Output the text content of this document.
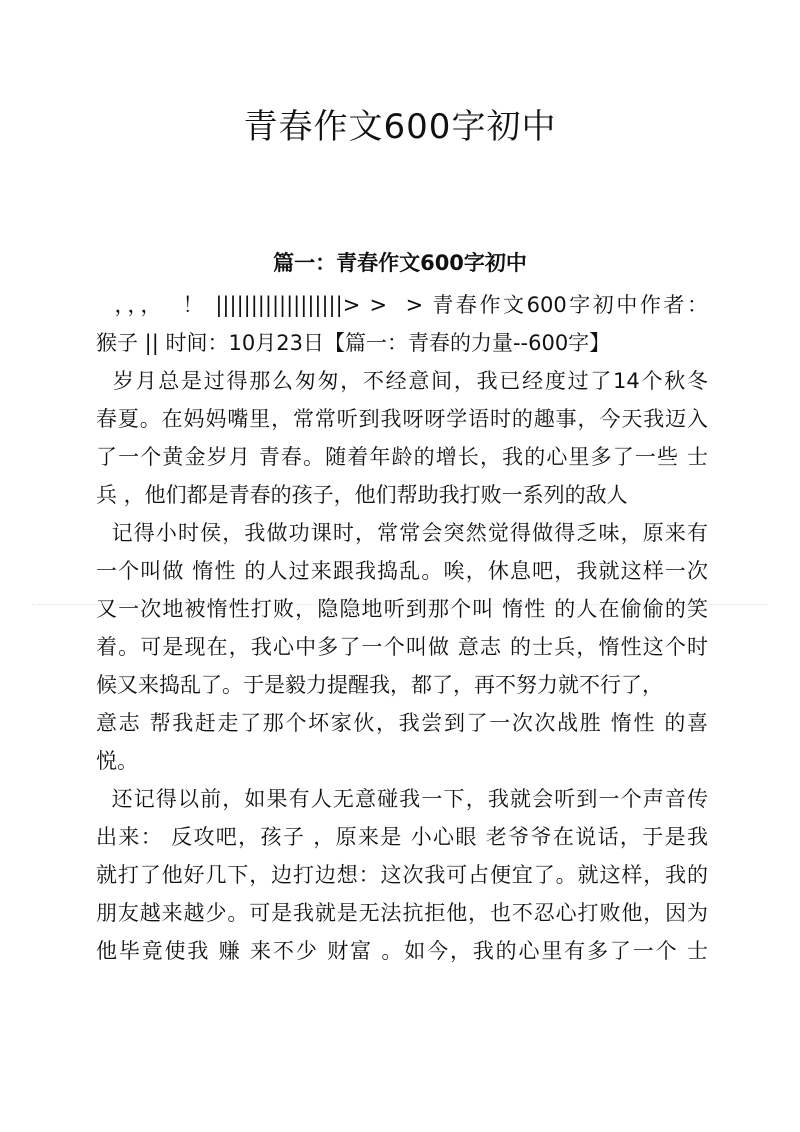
青春作文600字初中
篇一：青春作文600字初中
，，，  ！ ||||||||||||||||||> >  > 青春作文600字初中作者：
猴子 || 时间：10月23日【篇一：青春的力量--600字】
岁月总是过得那么匆匆，不经意间，我已经度过了14个秋冬
春夏。在妈妈嘴里，常常听到我呀呀学语时的趣事，今天我迈入
了一个黄金岁月 青春。随着年龄的增长，我的心里多了一些 士
兵 ，他们都是青春的孩子，他们帮助我打败一系列的敌人
记得小时侯，我做功课时，常常会突然觉得做得乏味，原来有
一个叫做 惰性 的人过来跟我捣乱。唉，休息吧，我就这样一次
又一次地被惰性打败，隐隐地听到那个叫 惰性 的人在偷偷的笑
着。可是现在，我心中多了一个叫做 意志 的士兵，惰性这个时
候又来捣乱了。于是毅力提醒我，都了，再不努力就不行了，
意志 帮我赶走了那个坏家伙，我尝到了一次次战胜 惰性 的喜
悦。
还记得以前，如果有人无意碰我一下，我就会听到一个声音传
出来： 反攻吧，孩子 ，原来是 小心眼 老爷爷在说话，于是我
就打了他好几下，边打边想：这次我可占便宜了。就这样，我的
朋友越来越少。可是我就是无法抗拒他，也不忍心打败他，因为
他毕竟使我 赚 来不少 财富 。如今，我的心里有多了一个 士
